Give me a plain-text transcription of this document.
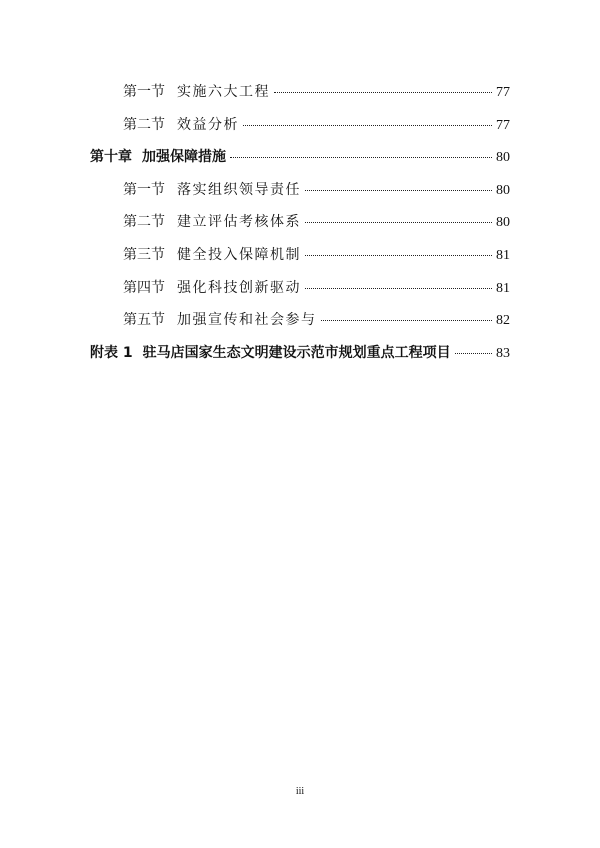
第一节 实施六大工程	77
第二节 效益分析	77
第十章 加强保障措施	80
第一节 落实组织领导责任	80
第二节 建立评估考核体系	80
第三节 健全投入保障机制	81
第四节 强化科技创新驱动	81
第五节 加强宣传和社会参与	82
附表 1 驻马店国家生态文明建设示范市规划重点工程项目	83
iii
